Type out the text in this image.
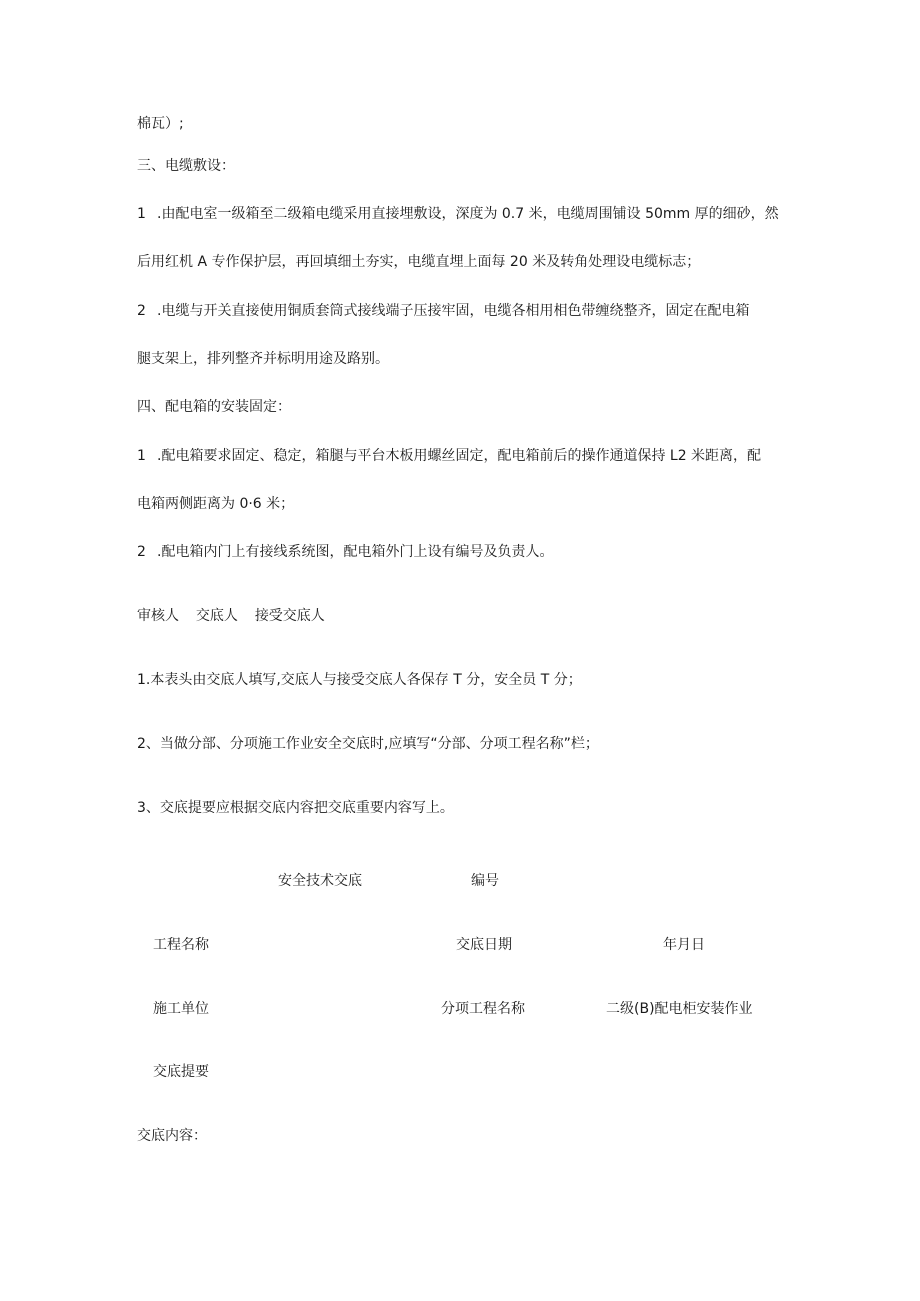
棉瓦）;
三、电缆敷设：
1 .由配电室一级箱至二级箱电缆采用直接埋敷设，深度为 0.7 米，电缆周围铺设 50mm 厚的细砂，然
后用红机 A 专作保护层，再回填细土夯实，电缆直埋上面每 20 米及转角处理设电缆标志；
2 .电缆与开关直接使用铜质套筒式接线端子压接牢固，电缆各相用相色带缠绕整齐，固定在配电箱
腿支架上，排列整齐并标明用途及路别。
四、配电箱的安装固定：
1 .配电箱要求固定、稳定，箱腿与平台木板用螺丝固定，配电箱前后的操作通道保持 L2 米距离，配
电箱两侧距离为 0·6 米；
2 .配电箱内门上有接线系统图，配电箱外门上设有编号及负责人。
审核人 交底人 接受交底人
1.本表头由交底人填写,交底人与接受交底人各保存 T 分，安全员 T 分；
2、当做分部、分项施工作业安全交底时,应填写“分部、分项工程名称”栏；
3、交底提要应根据交底内容把交底重要内容写上。
安全技术交底	编号
工程名称	交底日期	年月日
施工单位	分项工程名称	二级(B)配电柜安装作业
交底提要
交底内容：
